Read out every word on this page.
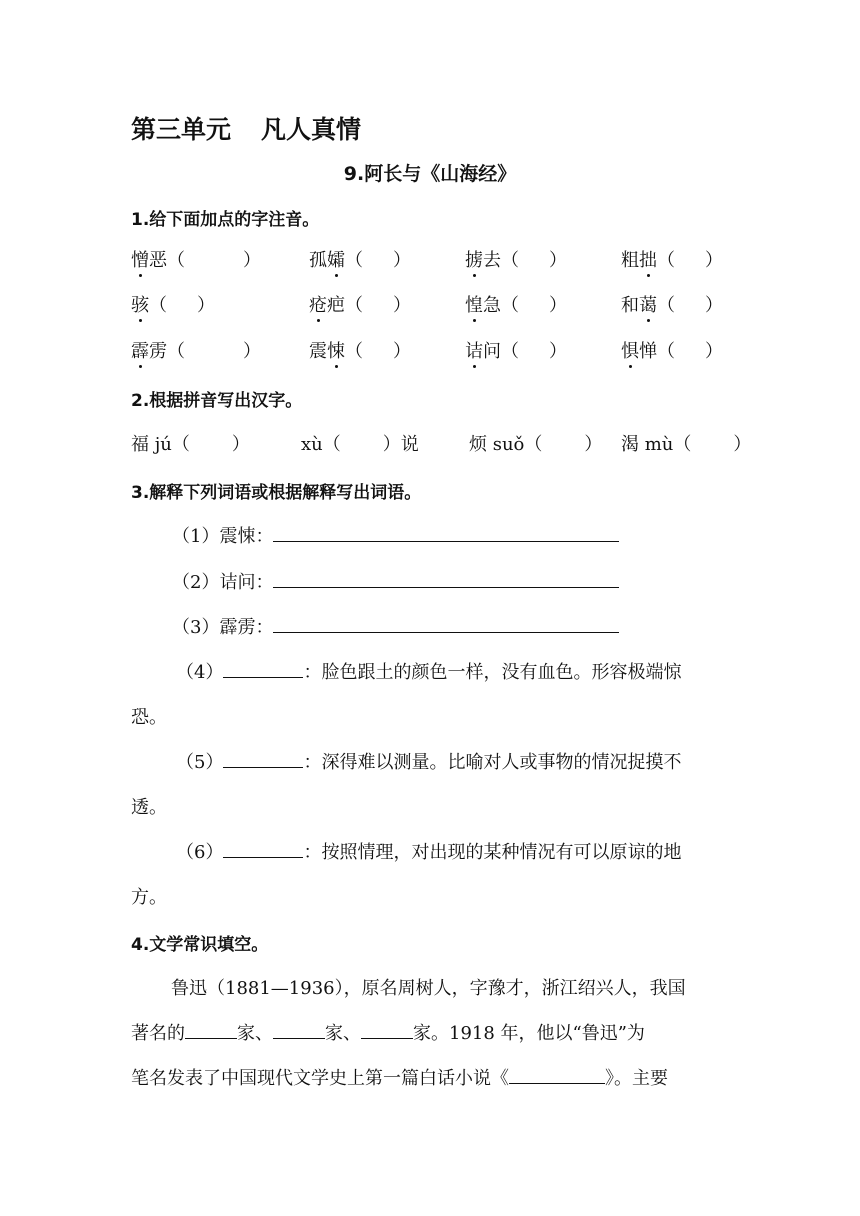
第三单元 凡人真情
9.阿长与《山海经》
1.给下面加点的字注音。
憎恶（	）	孤孀（ ）	掳去（ ）	粗拙（ ）
骇（ ）	疮疤（ ）	惶急（ ）	和蔼（ ）
霹雳（	）	震悚（ ）	诘问（ ）	惧惮（ ）
2.根据拼音写出汉字。
福 jú（ ）	xù（ ）说	烦 suǒ（ ） 渴 mù（ ）
3.解释下列词语或根据解释写出词语。
（1）震悚：
（2）诘问：
（3）霹雳：
（4）	：脸色跟土的颜色一样，没有血色。形容极端惊
恐。
（5）	：深得难以测量。比喻对人或事物的情况捉摸不
透。
（6）	：按照情理，对出现的某种情况有可以原谅的地
方。
4.文学常识填空。
鲁迅（1881—1936），原名周树人，字豫才，浙江绍兴人，我国
著名的	家、	家、	家。1918 年，他以“鲁迅”为
笔名发表了中国现代文学史上第一篇白话小说《	》。主要
